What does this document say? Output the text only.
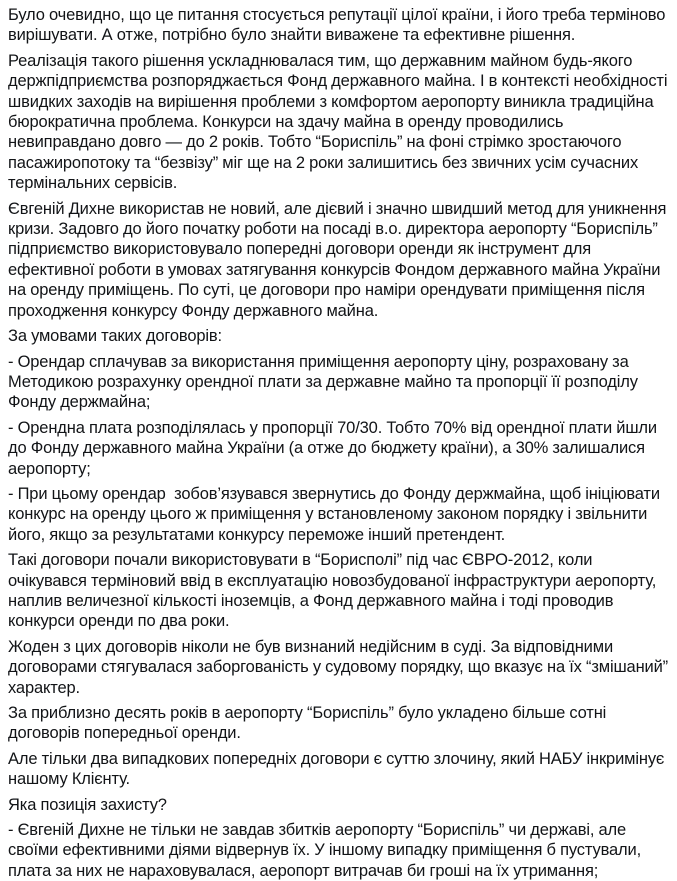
Було очевидно, що це питання стосується репутації цілої країни, і його треба терміново вирішувати. А отже, потрібно було знайти виважене та ефективне рішення.

Реалізація такого рішення ускладнювалася тим, що державним майном будь-якого держпідприємства розпоряджається Фонд державного майна. І в контексті необхідності швидких заходів на вирішення проблеми з комфортом аеропорту виникла традиційна бюрократична проблема. Конкурси на здачу майна в оренду проводились невиправдано довго — до 2 років. Тобто “Бориспіль” на фоні стрімко зростаючого пасажиропотоку та “безвізу” міг ще на 2 роки залишитись без звичних усім сучасних термінальних сервісів.

Євгеній Дихне використав не новий, але дієвий і значно швидший метод для уникнення кризи. Задовго до його початку роботи на посаді в.о. директора аеропорту “Бориспіль” підприємство використовувало попередні договори оренди як інструмент для ефективної роботи в умовах затягування конкурсів Фондом державного майна України на оренду приміщень. По суті, це договори про наміри орендувати приміщення після проходження конкурсу Фонду державного майна.

За умовами таких договорів:

- Орендар сплачував за використання приміщення аеропорту ціну, розраховану за Методикою розрахунку орендної плати за державне майно та пропорції її розподілу Фонду держмайна;

- Орендна плата розподілялась у пропорції 70/30. Тобто 70% від орендної плати йшли до Фонду державного майна України (а отже до бюджету країни), а 30% залишалися аеропорту;

- При цьому орендар  зобов’язувався звернутись до Фонду держмайна, щоб ініціювати конкурс на оренду цього ж приміщення у встановленому законом порядку і звільнити його, якщо за результатами конкурсу переможе інший претендент.

Такі договори почали використовувати в “Борисполі” під час ЄВРО-2012, коли очікувався терміновий ввід в експлуатацію новозбудованої інфраструктури аеропорту, наплив величезної кількості іноземців, а Фонд державного майна і тоді проводив конкурси оренди по два роки.

Жоден з цих договорів ніколи не був визнаний недійсним в суді. За відповідними договорами стягувалася заборгованість у судовому порядку, що вказує на їх “змішаний” характер.

За приблизно десять років в аеропорту “Бориспіль” було укладено більше сотні договорів попередньої оренди.

Але тільки два випадкових попередніх договори є суттю злочину, який НАБУ інкримінує нашому Клієнту.

Яка позиція захисту?

- Євгеній Дихне не тільки не завдав збитків аеропорту “Бориспіль” чи державі, але своїми ефективними діями відвернув їх. У іншому випадку приміщення б пустували, плата за них не нараховувалася, аеропорт витрачав би гроші на їх утримання;
